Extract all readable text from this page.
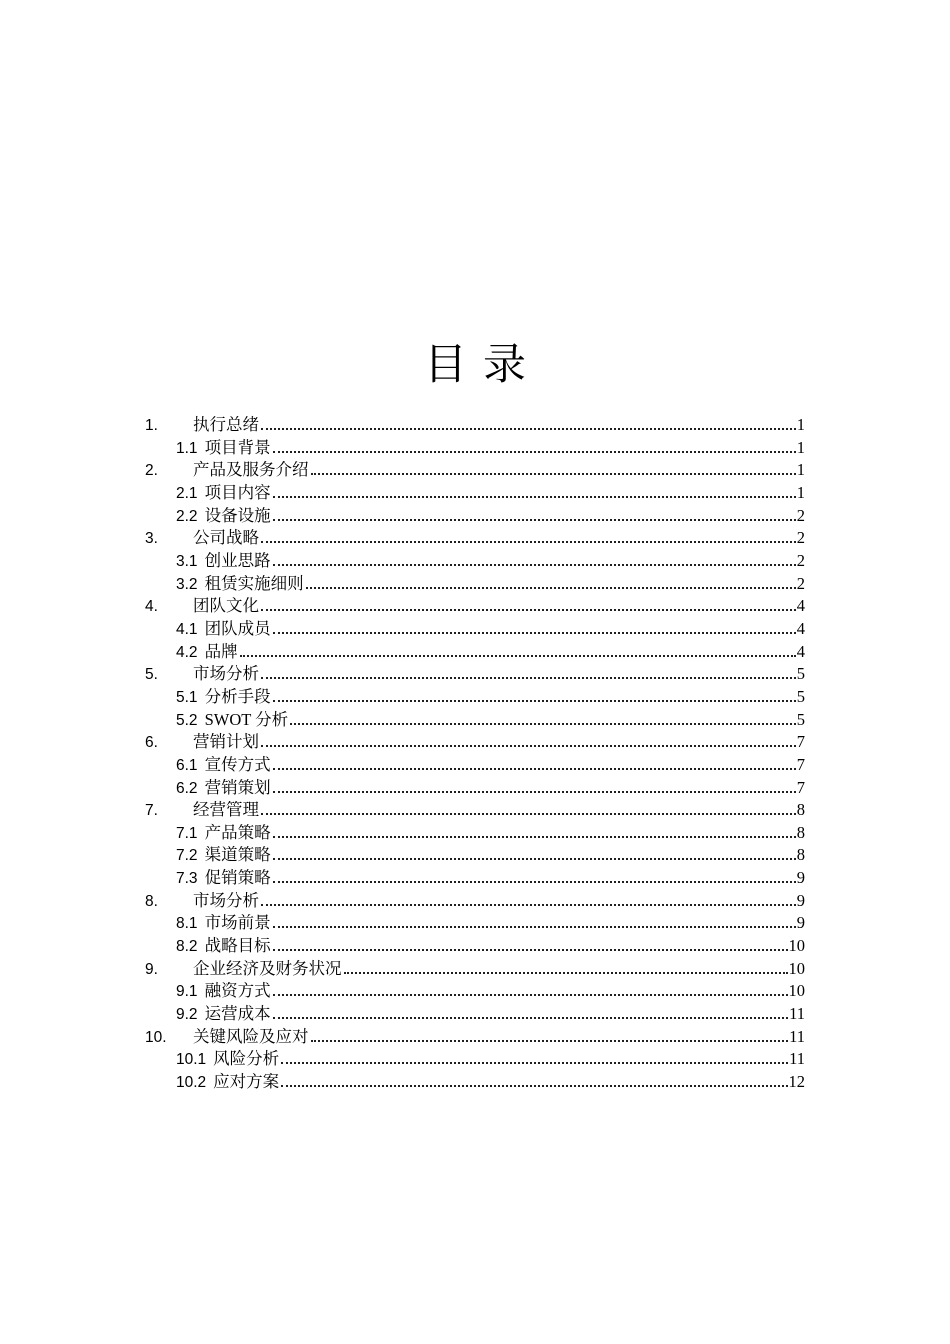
目录
1.	执行总绪	1
1.1 项目背景	1
2.	产品及服务介绍	1
2.1 项目内容	1
2.2 设备设施	2
3.	公司战略	2
3.1 创业思路	2
3.2 租赁实施细则	2
4.	团队文化	4
4.1 团队成员	4
4.2 品牌	4
5.	市场分析	5
5.1 分析手段	5
5.2 SWOT 分析	5
6.	营销计划	7
6.1 宣传方式	7
6.2 营销策划	7
7.	经营管理	8
7.1 产品策略	8
7.2 渠道策略	8
7.3 促销策略	9
8.	市场分析	9
8.1 市场前景	9
8.2 战略目标	10
9.	企业经济及财务状况	10
9.1 融资方式	10
9.2 运营成本	11
10.	关键风险及应对	11
10.1 风险分析	11
10.2 应对方案	12
